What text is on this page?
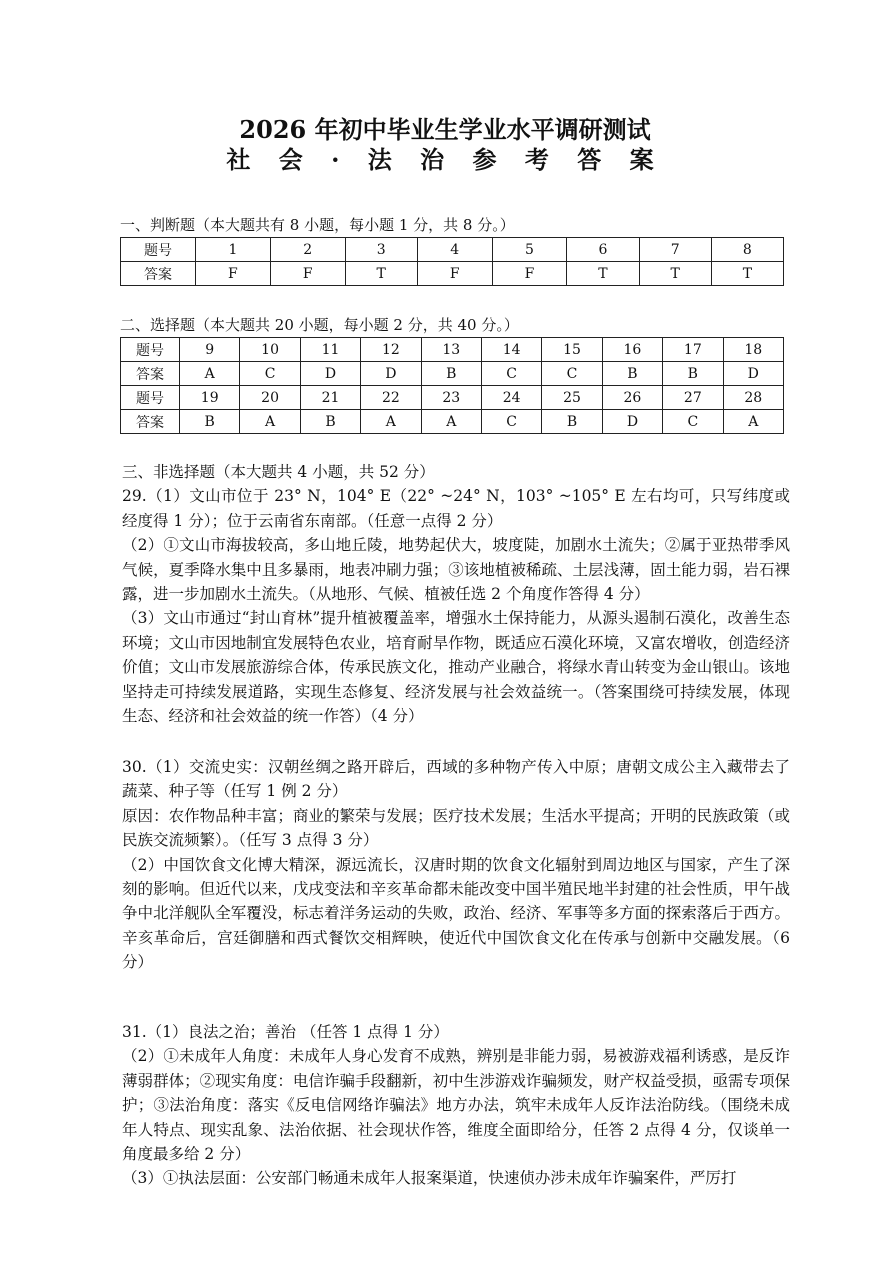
2026 年初中毕业生学业水平调研测试
社 会 · 法 治 参 考 答 案
一、判断题（本大题共有 8 小题，每小题 1 分，共 8 分。）
题号	1	2	3	4	5	6	7	8
答案	F	F	T	F	F	T	T	T
二、选择题（本大题共 20 小题，每小题 2 分，共 40 分。）
题号	9	10	11	12	13	14	15	16	17	18
答案	A	C	D	D	B	C	C	B	B	D
题号	19	20	21	22	23	24	25	26	27	28
答案	B	A	B	A	A	C	B	D	C	A

三、非选择题（本大题共 4 小题，共 52 分）

29.（1）文山市位于 23° N，104° E（22° ~24° N，103° ~105° E 左右均可，只写纬度或经度得 1 分）；位于云南省东南部。（任意一点得 2 分）

（2）①文山市海拔较高，多山地丘陵，地势起伏大，坡度陡，加剧水土流失；②属于亚热带季风气候，夏季降水集中且多暴雨，地表冲刷力强；③该地植被稀疏、土层浅薄，固土能力弱，岩石裸露，进一步加剧水土流失。（从地形、气候、植被任选 2 个角度作答得 4 分）

（3）文山市通过“封山育林”提升植被覆盖率，增强水土保持能力，从源头遏制石漠化，改善生态环境；文山市因地制宜发展特色农业，培育耐旱作物，既适应石漠化环境，又富农增收，创造经济价值；文山市发展旅游综合体，传承民族文化，推动产业融合，将绿水青山转变为金山银山。该地坚持走可持续发展道路，实现生态修复、经济发展与社会效益统一。（答案围绕可持续发展，体现生态、经济和社会效益的统一作答）（4 分）

30.（1）交流史实：汉朝丝绸之路开辟后，西域的多种物产传入中原；唐朝文成公主入藏带去了蔬菜、种子等（任写 1 例 2 分）

原因：农作物品种丰富；商业的繁荣与发展；医疗技术发展；生活水平提高；开明的民族政策（或民族交流频繁）。（任写 3 点得 3 分）

（2）中国饮食文化博大精深，源远流长，汉唐时期的饮食文化辐射到周边地区与国家，产生了深刻的影响。但近代以来，戊戌变法和辛亥革命都未能改变中国半殖民地半封建的社会性质，甲午战争中北洋舰队全军覆没，标志着洋务运动的失败，政治、经济、军事等多方面的探索落后于西方。辛亥革命后，宫廷御膳和西式餐饮交相辉映，使近代中国饮食文化在传承与创新中交融发展。（6 分）

31.（1）良法之治；善治 （任答 1 点得 1 分）

（2）①未成年人角度：未成年人身心发育不成熟，辨别是非能力弱，易被游戏福利诱惑，是反诈薄弱群体；②现实角度：电信诈骗手段翻新，初中生涉游戏诈骗频发，财产权益受损，亟需专项保护；③法治角度：落实《反电信网络诈骗法》地方办法，筑牢未成年人反诈法治防线。（围绕未成年人特点、现实乱象、法治依据、社会现状作答，维度全面即给分，任答 2 点得 4 分，仅谈单一角度最多给 2 分）

（3）①执法层面：公安部门畅通未成年人报案渠道，快速侦办涉未成年诈骗案件，严厉打
